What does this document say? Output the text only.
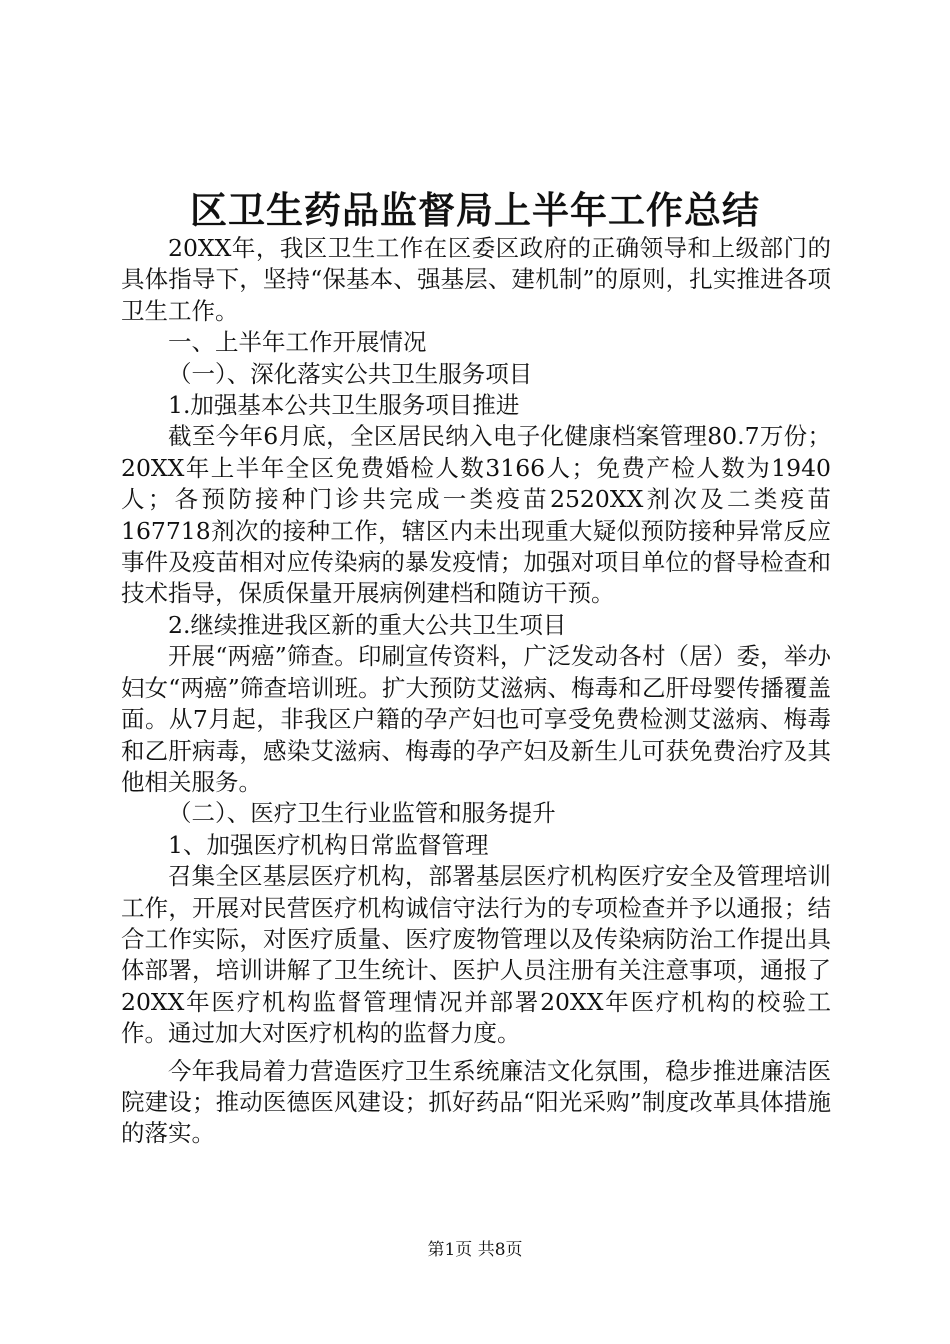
区卫生药品监督局上半年工作总结

20XX年，我区卫生工作在区委区政府的正确领导和上级部门的具体指导下，坚持“保基本、强基层、建机制”的原则，扎实推进各项卫生工作。

一、上半年工作开展情况

（一）、深化落实公共卫生服务项目

1.加强基本公共卫生服务项目推进

截至今年6月底，全区居民纳入电子化健康档案管理80.7万份；20XX年上半年全区免费婚检人数3166人；免费产检人数为1940人；各预防接种门诊共完成一类疫苗2520XX剂次及二类疫苗167718剂次的接种工作，辖区内未出现重大疑似预防接种异常反应事件及疫苗相对应传染病的暴发疫情；加强对项目单位的督导检查和技术指导，保质保量开展病例建档和随访干预。

2.继续推进我区新的重大公共卫生项目

开展“两癌”筛查。印刷宣传资料，广泛发动各村（居）委，举办妇女“两癌”筛查培训班。扩大预防艾滋病、梅毒和乙肝母婴传播覆盖面。从7月起，非我区户籍的孕产妇也可享受免费检测艾滋病、梅毒和乙肝病毒，感染艾滋病、梅毒的孕产妇及新生儿可获免费治疗及其他相关服务。

（二）、医疗卫生行业监管和服务提升

1、加强医疗机构日常监督管理

召集全区基层医疗机构，部署基层医疗机构医疗安全及管理培训工作，开展对民营医疗机构诚信守法行为的专项检查并予以通报；结合工作实际，对医疗质量、医疗废物管理以及传染病防治工作提出具体部署，培训讲解了卫生统计、医护人员注册有关注意事项，通报了20XX年医疗机构监督管理情况并部署20XX年医疗机构的校验工作。通过加大对医疗机构的监督力度。

今年我局着力营造医疗卫生系统廉洁文化氛围，稳步推进廉洁医院建设；推动医德医风建设；抓好药品“阳光采购”制度改革具体措施的落实。

第1页 共8页
